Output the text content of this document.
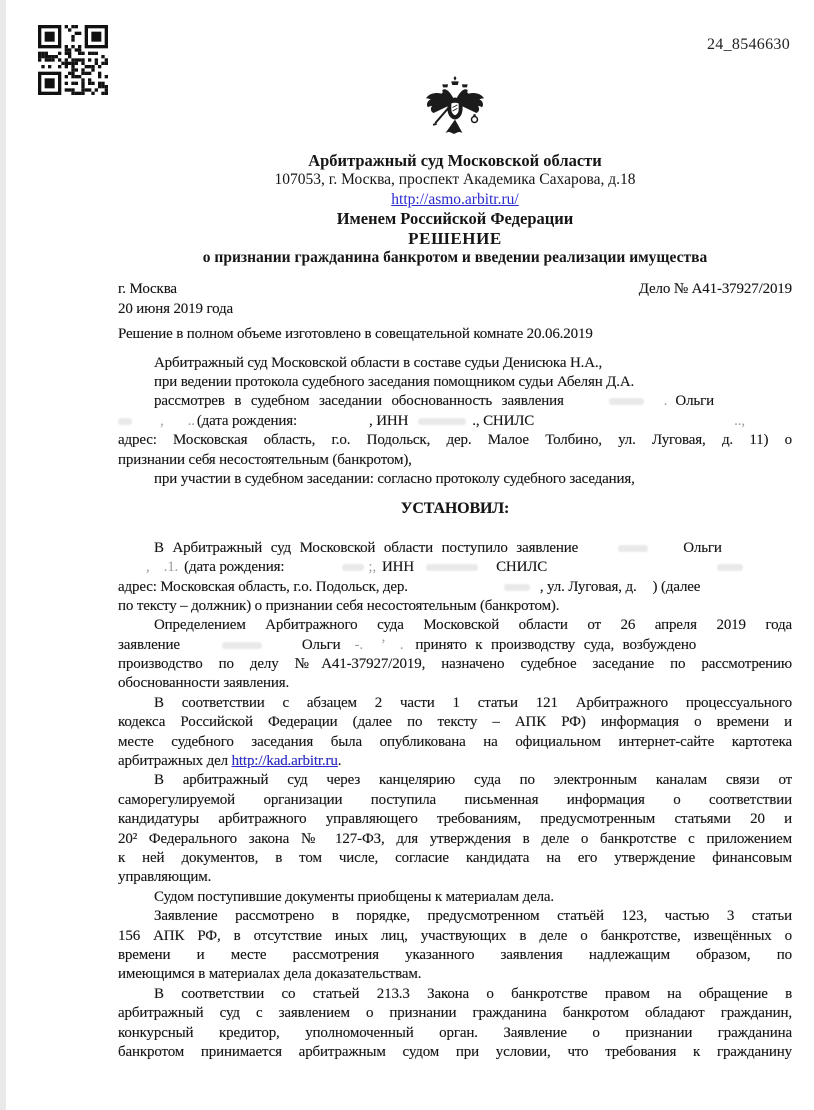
24_8546630
Арбитражный суд Московской области
107053, г. Москва, проспект Академика Сахарова, д.18
http://asmo.arbitr.ru/
Именем Российской Федерации
РЕШЕНИЕ
о признании гражданина банкротом и введении реализации имущества
г. Москва	Дело № А41-37927/2019
20 июня 2019 года
Решение в полном объеме изготовлено в совещательной комнате 20.06.2019
Арбитражный суд Московской области в составе судьи Денисюка Н.А.,
при ведении протокола судебного заседания помощником судьи Абелян Д.А.
рассмотрев в судебном заседании обоснованность заявления	. Ольги
, .. (дата рождения:	, ИНН	., СНИЛС	..,
адрес: Московская область, г.о. Подольск, дер. Малое Толбино, ул. Луговая, д. 11) о
признании себя несостоятельным (банкротом),
при участии в судебном заседании: согласно протоколу судебного заседания,
УСТАНОВИЛ:
В Арбитражный суд Московской области поступило заявление	Ольги
, .1. (дата рождения:	;, ИНН	СНИЛС
адрес: Московская область, г.о. Подольск, дер.	, ул. Луговая, д. ) (далее
по тексту – должник) о признании себя несостоятельным (банкротом).
Определением Арбитражного суда Московской области от 26 апреля 2019 года
заявление	Ольги -. ’ . принято к производству суда, возбуждено
производство по делу №А41-37927/2019, назначено судебное заседание по рассмотрению
обоснованности заявления.
В соответствии с абзацем 2 части 1 статьи 121 Арбитражного процессуального
кодекса Российской Федерации (далее по тексту – АПК РФ) информация о времени и
месте судебного заседания была опубликована на официальном интернет-сайте картотека
арбитражных дел http://kad.arbitr.ru.
В арбитражный суд через канцелярию суда по электронным каналам связи от
саморегулируемой организации поступила письменная информация о соответствии
кандидатуры арбитражного управляющего требованиям, предусмотренным статьями 20 и
20² Федерального закона № 127-ФЗ, для утверждения в деле о банкротстве с приложением
к ней документов, в том числе, согласие кандидата на его утверждение финансовым
управляющим.
Судом поступившие документы приобщены к материалам дела.
Заявление рассмотрено в порядке, предусмотренном статьёй 123, частью 3 статьи
156 АПК РФ, в отсутствие иных лиц, участвующих в деле о банкротстве, извещённых о
времени и месте рассмотрения указанного заявления надлежащим образом, по
имеющимся в материалах дела доказательствам.
В соответствии со статьей 213.3 Закона о банкротстве правом на обращение в
арбитражный суд с заявлением о признании гражданина банкротом обладают гражданин,
конкурсный кредитор, уполномоченный орган. Заявление о признании гражданина
банкротом принимается арбитражным судом при условии, что требования к гражданину
